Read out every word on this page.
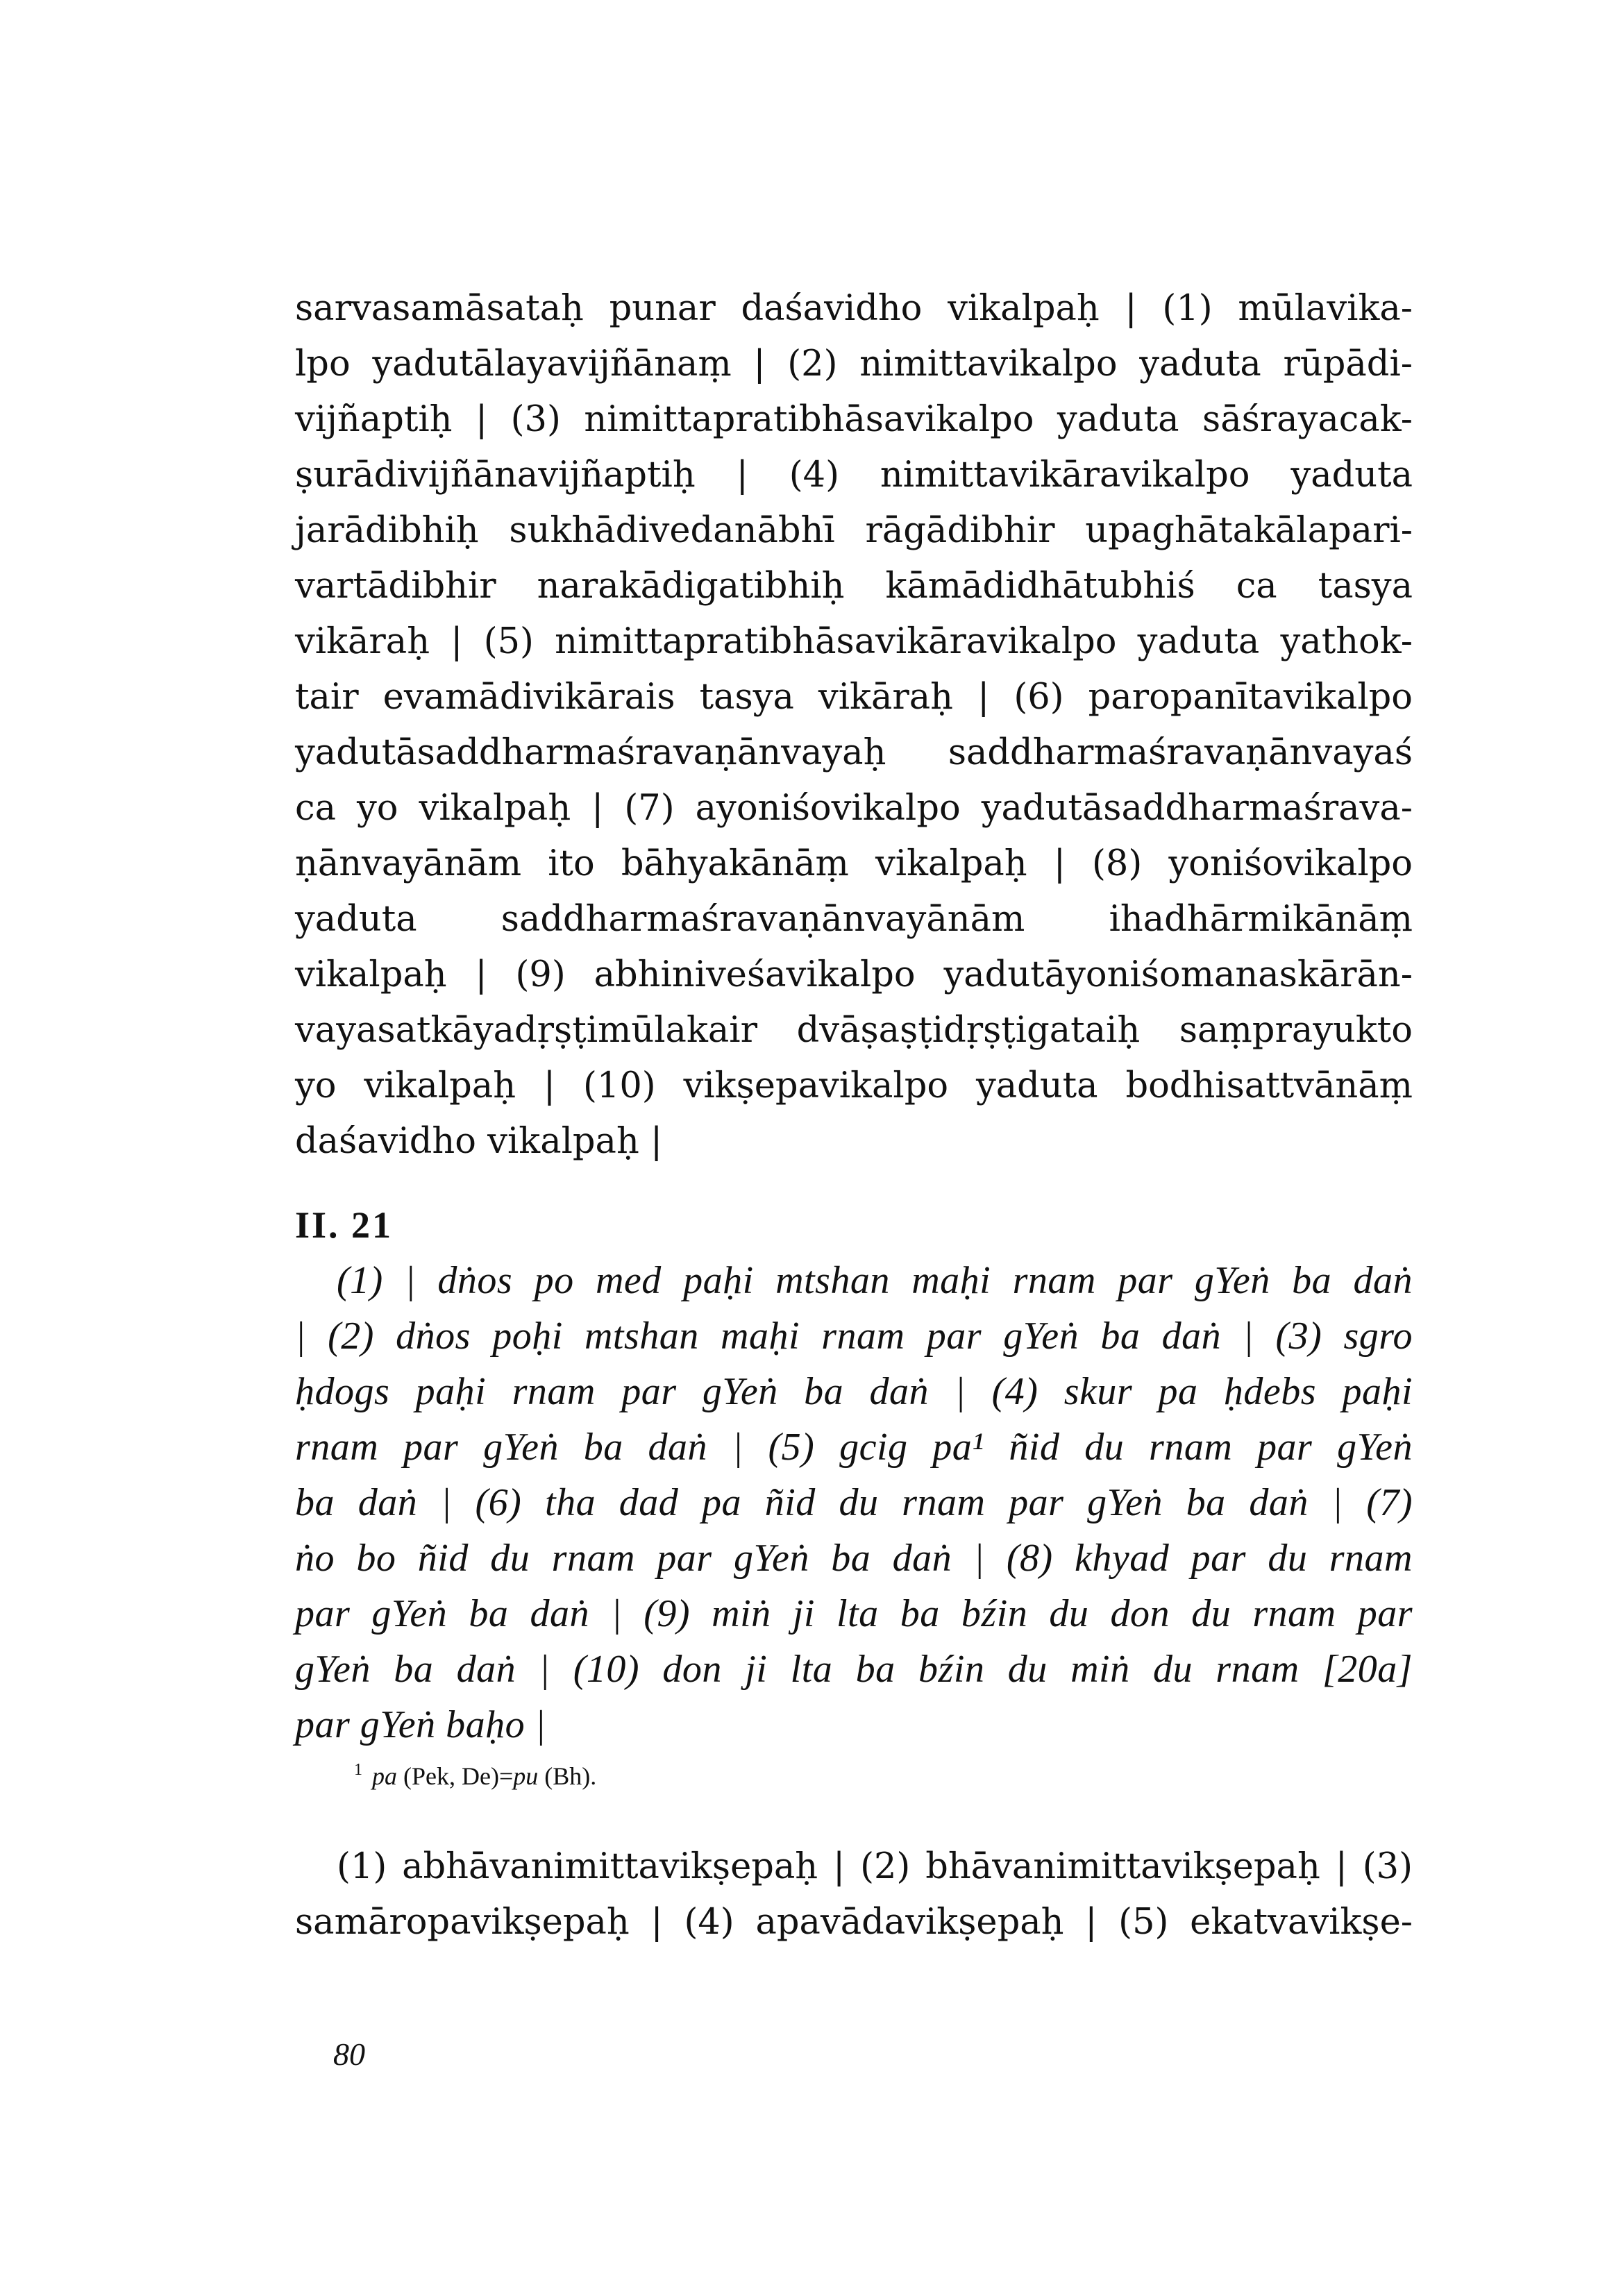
sarvasamāsataḥ punar daśavidho vikalpaḥ | (1) mūlavika-
lpo yadutālayavijñānaṃ | (2) nimittavikalpo yaduta rūpādi-
vijñaptiḥ | (3) nimittapratibhāsavikalpo yaduta sāśrayacak-
ṣurādivijñānavijñaptiḥ | (4) nimittavikāravikalpo yaduta
jarādibhiḥ sukhādivedanābhī rāgādibhir upaghātakālapari-
vartādibhir narakādigatibhiḥ kāmādidhātubhiś ca tasya
vikāraḥ | (5) nimittapratibhāsavikāravikalpo yaduta yathok-
tair evamādivikārais tasya vikāraḥ | (6) paropanītavikalpo
yadutāsaddharmaśravaṇānvayaḥ saddharmaśravaṇānvayaś
ca yo vikalpaḥ | (7) ayoniśovikalpo yadutāsaddharmaśrava-
ṇānvayānām ito bāhyakānāṃ vikalpaḥ | (8) yoniśovikalpo
yaduta saddharmaśravaṇānvayānām ihadhārmikānāṃ
vikalpaḥ | (9) abhiniveśavikalpo yadutāyoniśomanaskārān-
vayasatkāyadṛṣṭimūlakair dvāṣaṣṭidṛṣṭigataiḥ saṃprayukto
yo vikalpaḥ | (10) vikṣepavikalpo yaduta bodhisattvānāṃ
daśavidho vikalpaḥ |
II. 21
(1) | dṅos po med paḥi mtshan maḥi rnam par gYeṅ ba daṅ
| (2) dṅos poḥi mtshan maḥi rnam par gYeṅ ba daṅ | (3) sgro
ḥdogs paḥi rnam par gYeṅ ba daṅ | (4) skur pa ḥdebs paḥi
rnam par gYeṅ ba daṅ | (5) gcig pa¹ ñid du rnam par gYeṅ
ba daṅ | (6) tha dad pa ñid du rnam par gYeṅ ba daṅ | (7)
ṅo bo ñid du rnam par gYeṅ ba daṅ | (8) khyad par du rnam
par gYeṅ ba daṅ | (9) miṅ ji lta ba bźin du don du rnam par
gYeṅ ba daṅ | (10) don ji lta ba bźin du miṅ du rnam [20a]
par gYeṅ baḥo |
$^1$ pa (Pek, De)=pu (Bh).
(1) abhāvanimittavikṣepaḥ | (2) bhāvanimittavikṣepaḥ | (3)
samāropavikṣepaḥ | (4) apavādavikṣepaḥ | (5) ekatvavikṣe-
80
